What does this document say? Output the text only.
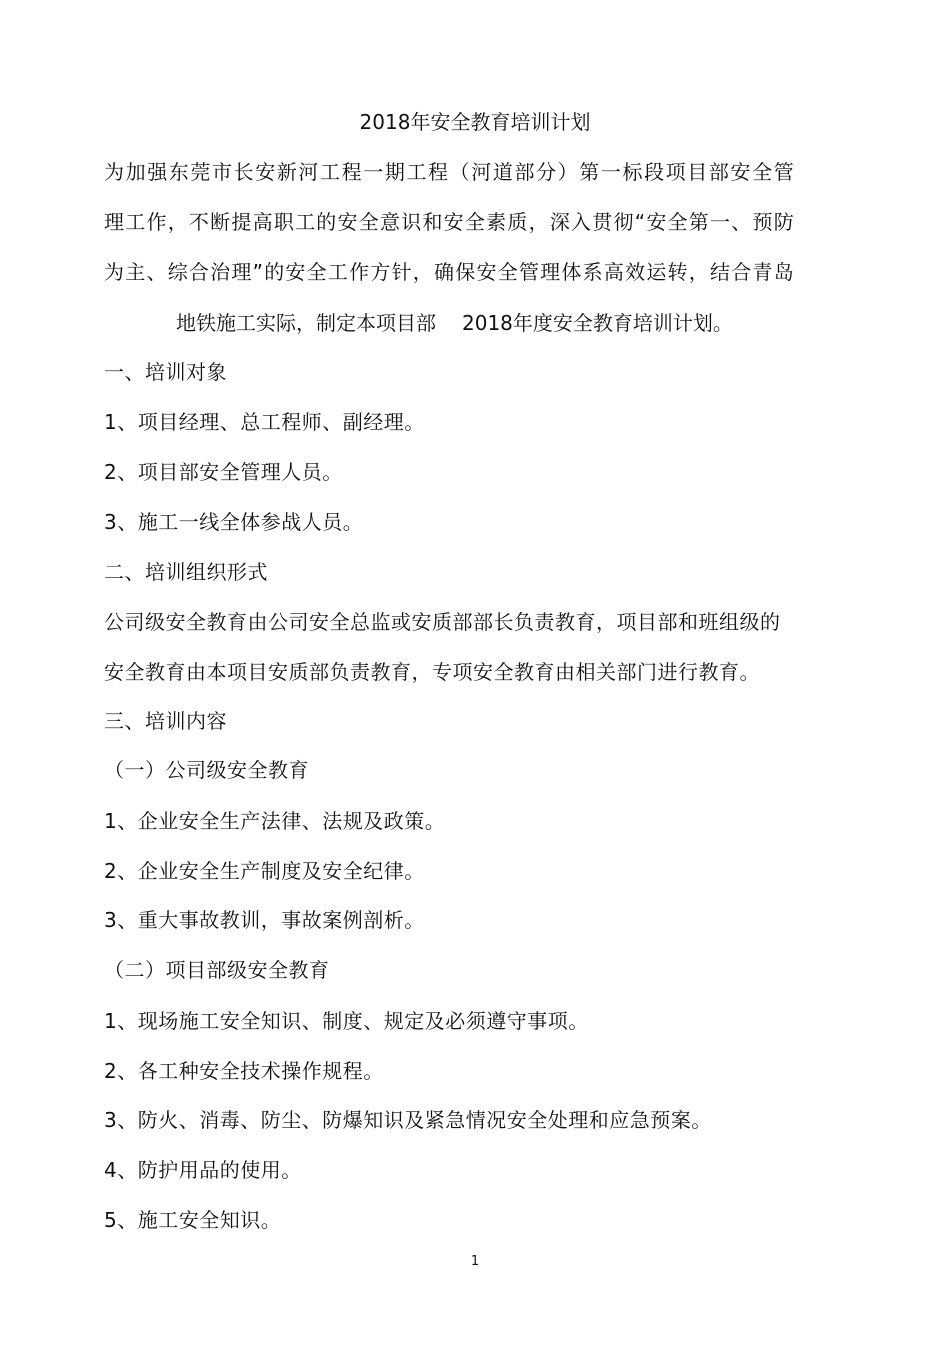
2018年安全教育培训计划
为加强东莞市长安新河工程一期工程（河道部分）第一标段项目部安全管
理工作，不断提高职工的安全意识和安全素质，深入贯彻“安全第一、预防
为主、综合治理”的安全工作方针，确保安全管理体系高效运转，结合青岛
地铁施工实际，制定本项目部 2018年度安全教育培训计划。
一、培训对象
1、项目经理、总工程师、副经理。
2、项目部安全管理人员。
3、施工一线全体参战人员。
二、培训组织形式
公司级安全教育由公司安全总监或安质部部长负责教育，项目部和班组级的
安全教育由本项目安质部负责教育，专项安全教育由相关部门进行教育。
三、培训内容
（一）公司级安全教育
1、企业安全生产法律、法规及政策。
2、企业安全生产制度及安全纪律。
3、重大事故教训，事故案例剖析。
（二）项目部级安全教育
1、现场施工安全知识、制度、规定及必须遵守事项。
2、各工种安全技术操作规程。
3、防火、消毒、防尘、防爆知识及紧急情况安全处理和应急预案。
4、防护用品的使用。
5、施工安全知识。
1
